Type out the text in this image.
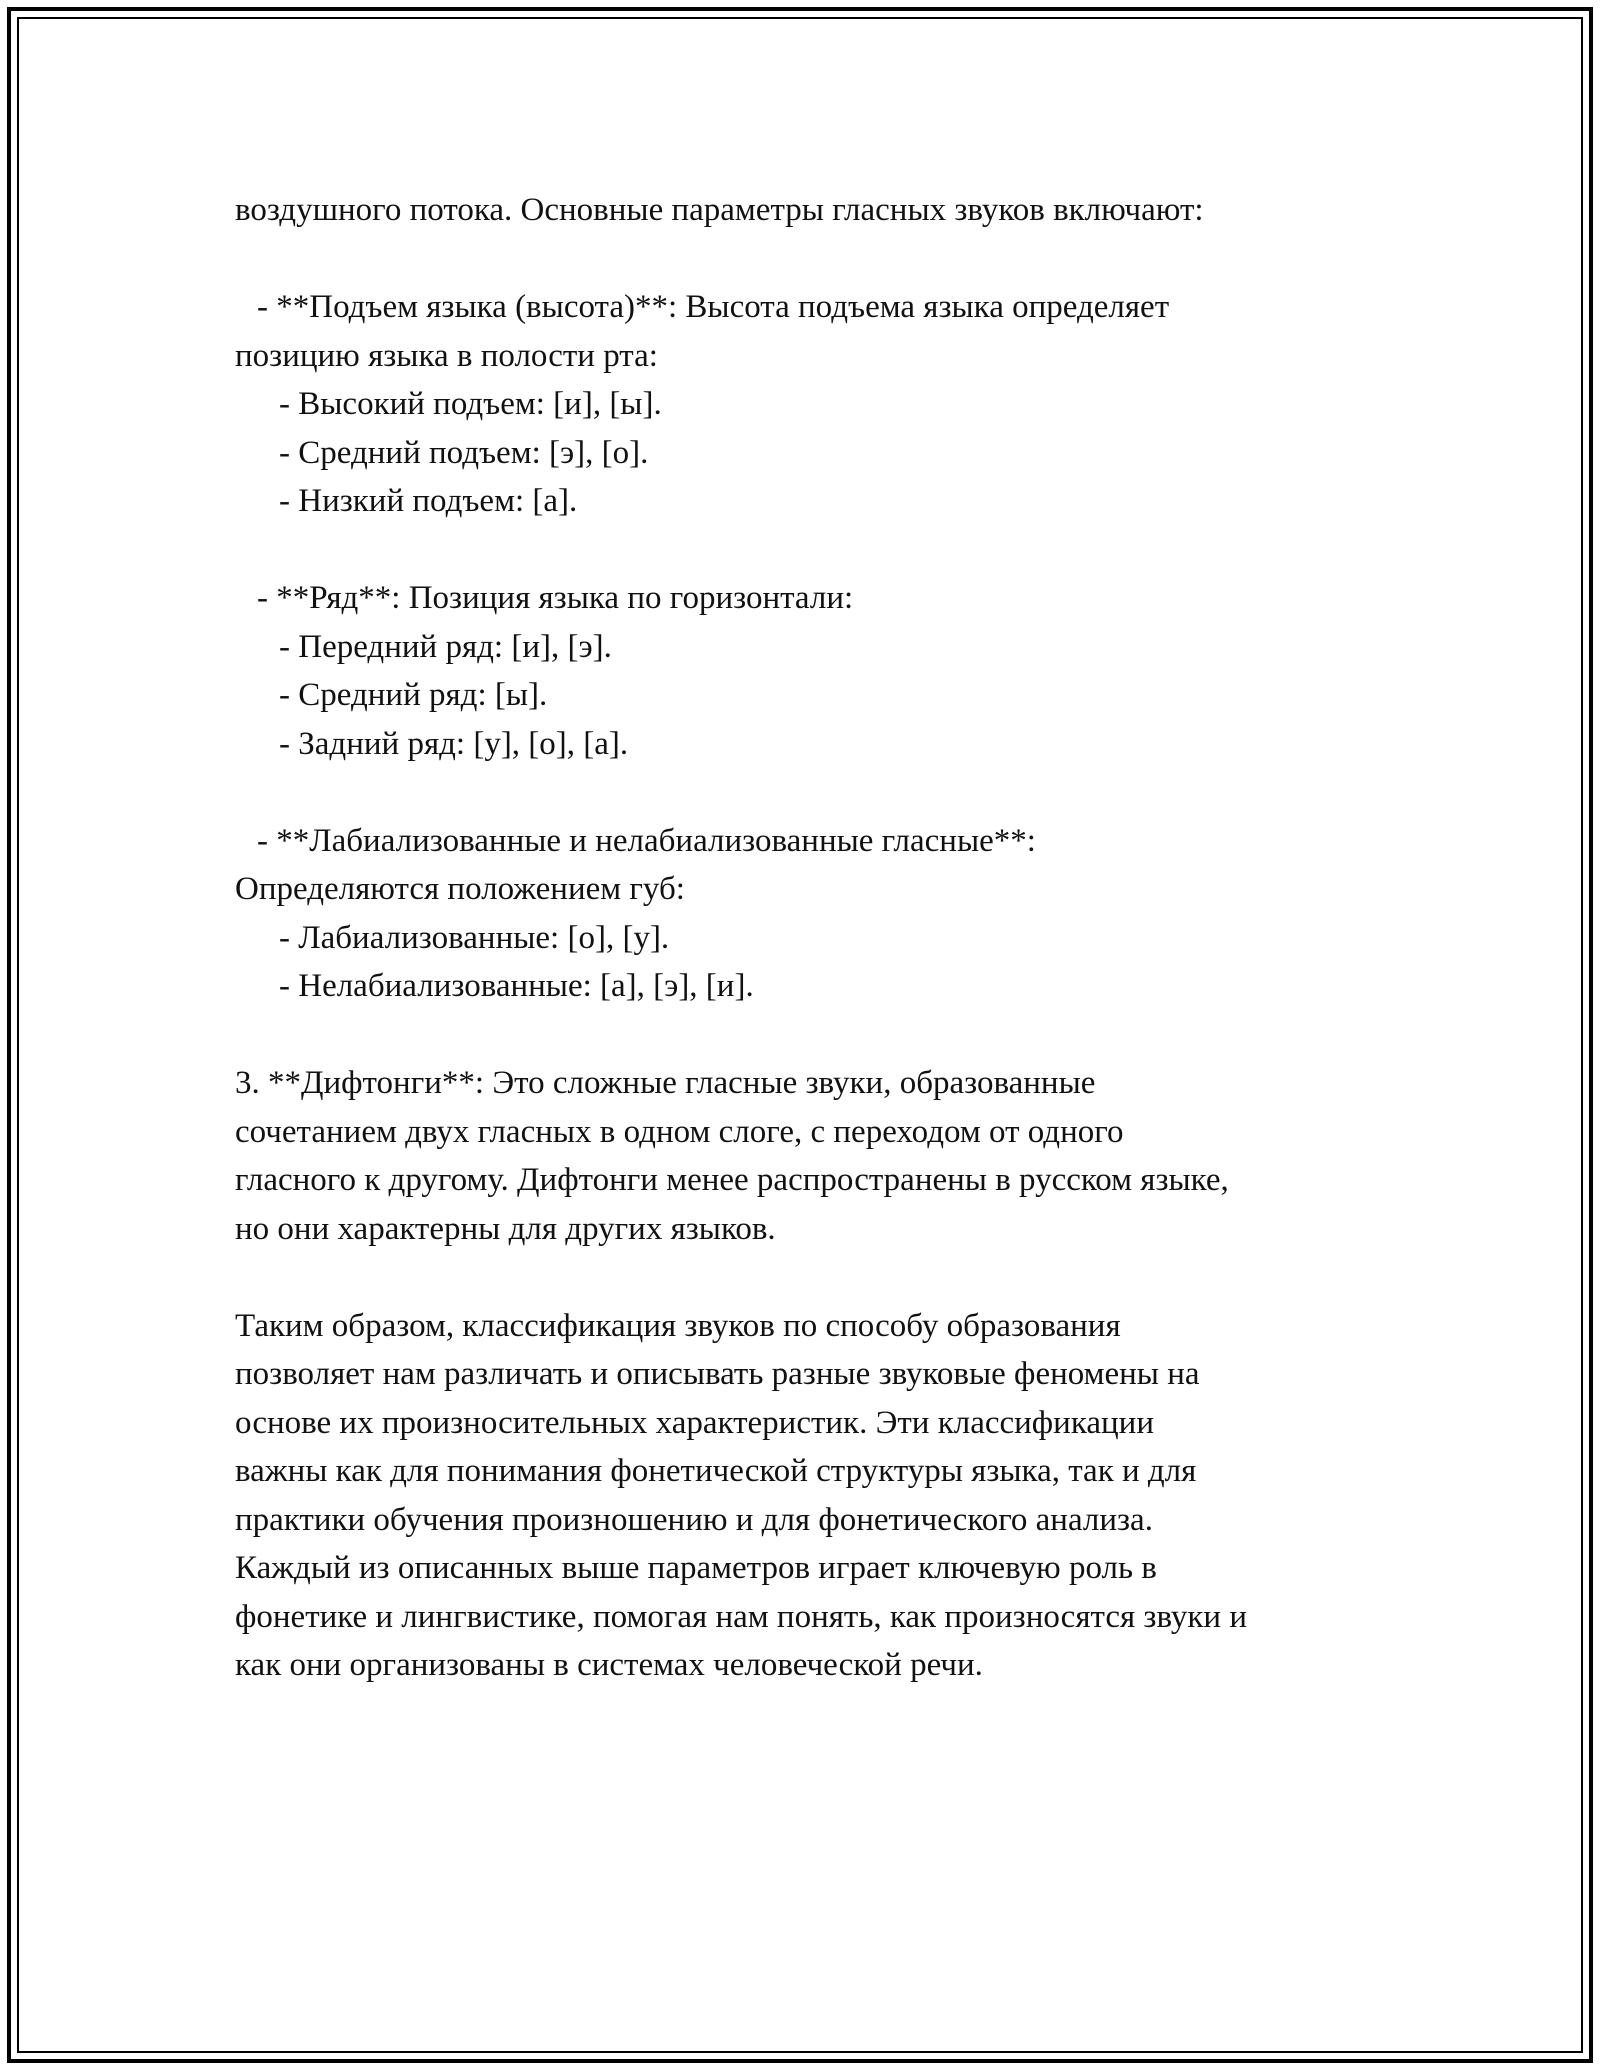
воздушного потока. Основные параметры гласных звуков включают:
- **Подъем языка (высота)**: Высота подъема языка определяет
позицию языка в полости рта:
- Высокий подъем: [и], [ы].
- Средний подъем: [э], [о].
- Низкий подъем: [а].
- **Ряд**: Позиция языка по горизонтали:
- Передний ряд: [и], [э].
- Средний ряд: [ы].
- Задний ряд: [у], [о], [а].
- **Лабиализованные и нелабиализованные гласные**:
Определяются положением губ:
- Лабиализованные: [о], [у].
- Нелабиализованные: [а], [э], [и].
3. **Дифтонги**: Это сложные гласные звуки, образованные
сочетанием двух гласных в одном слоге, с переходом от одного
гласного к другому. Дифтонги менее распространены в русском языке,
но они характерны для других языков.
Таким образом, классификация звуков по способу образования
позволяет нам различать и описывать разные звуковые феномены на
основе их произносительных характеристик. Эти классификации
важны как для понимания фонетической структуры языка, так и для
практики обучения произношению и для фонетического анализа.
Каждый из описанных выше параметров играет ключевую роль в
фонетике и лингвистике, помогая нам понять, как произносятся звуки и
как они организованы в системах человеческой речи.
